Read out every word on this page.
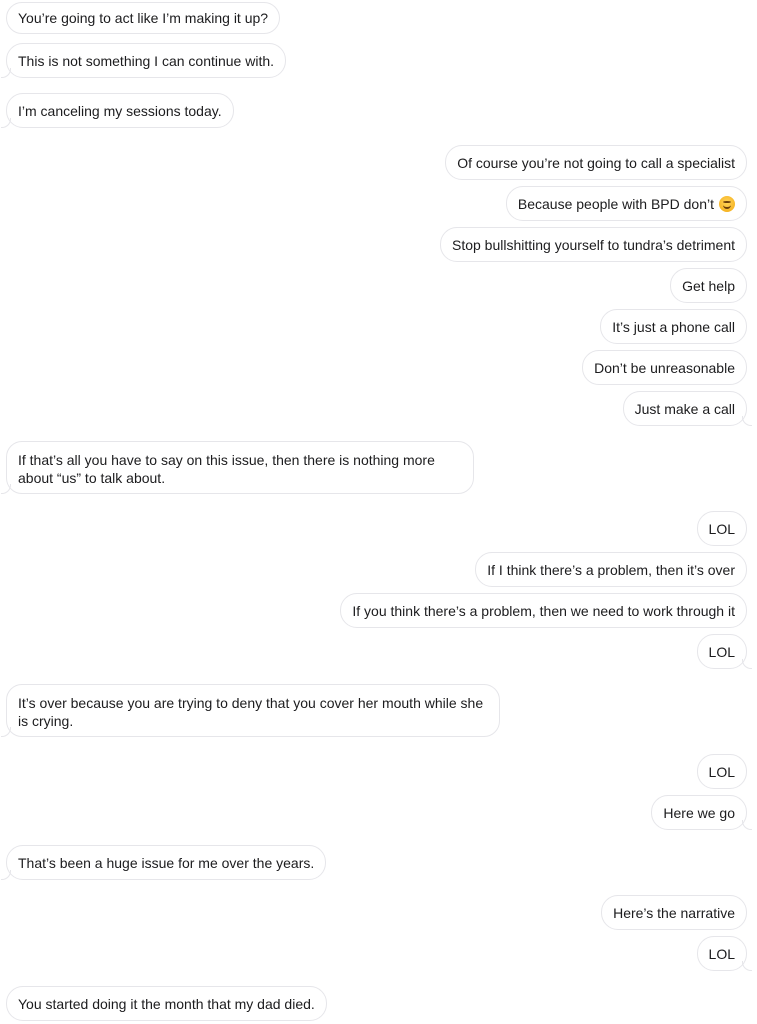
You’re going to act like I’m making it up?
This is not something I can continue with.
I’m canceling my sessions today.
Of course you’re not going to call a specialist
Because people with BPD don’t
Stop bullshitting yourself to tundra’s detriment
Get help
It’s just a phone call
Don’t be unreasonable
Just make a call
If that’s all you have to say on this issue, then there is nothing more about “us” to talk about.
LOL
If I think there’s a problem, then it’s over
If you think there’s a problem, then we need to work through it
LOL
It’s over because you are trying to deny that you cover her mouth while she is crying.
LOL
Here we go
That’s been a huge issue for me over the years.
Here’s the narrative
LOL
You started doing it the month that my dad died.
